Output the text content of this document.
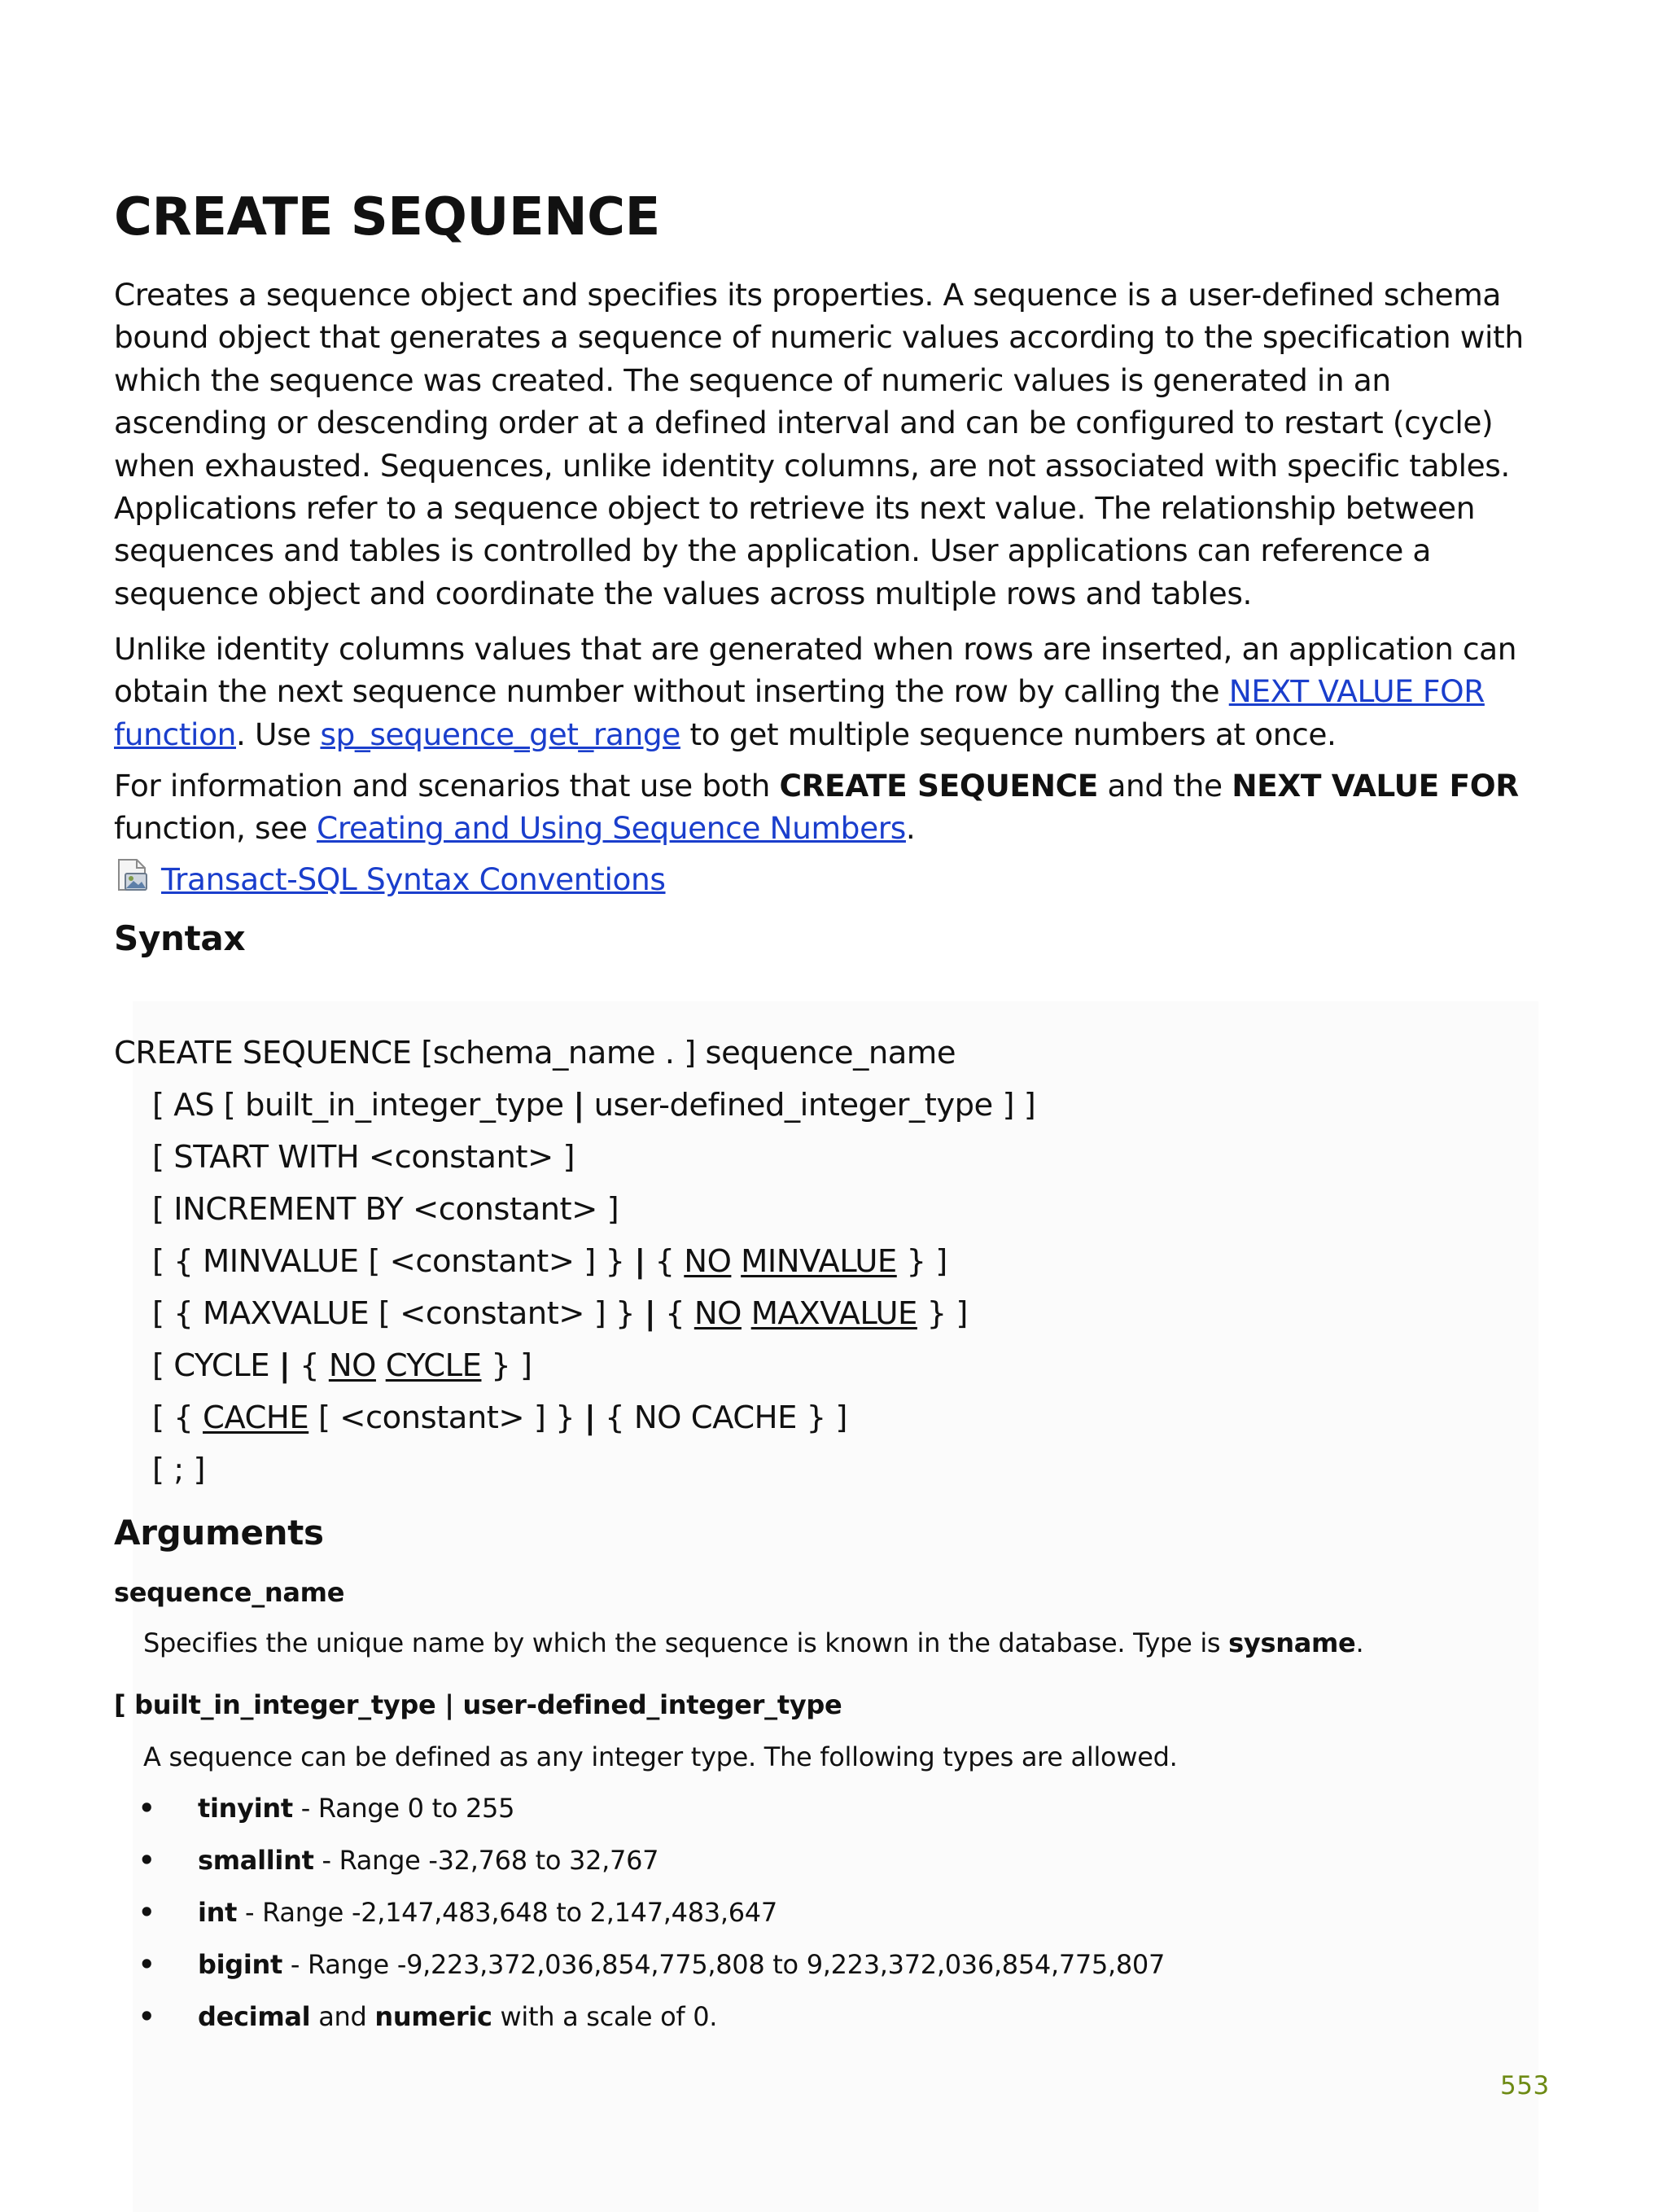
CREATE SEQUENCE

Creates a sequence object and specifies its properties. A sequence is a user-defined schema bound object that generates a sequence of numeric values according to the specification with which the sequence was created. The sequence of numeric values is generated in an ascending or descending order at a defined interval and can be configured to restart (cycle) when exhausted. Sequences, unlike identity columns, are not associated with specific tables. Applications refer to a sequence object to retrieve its next value. The relationship between sequences and tables is controlled by the application. User applications can reference a sequence object and coordinate the values across multiple rows and tables.

Unlike identity columns values that are generated when rows are inserted, an application can obtain the next sequence number without inserting the row by calling the NEXT VALUE FOR function. Use sp_sequence_get_range to get multiple sequence numbers at once.

For information and scenarios that use both CREATE SEQUENCE and the NEXT VALUE FOR function, see Creating and Using Sequence Numbers.

Transact-SQL Syntax Conventions
Syntax
CREATE SEQUENCE [schema_name . ] sequence_name
[ AS [ built_in_integer_type | user-defined_integer_type ] ]
[ START WITH <constant> ]
[ INCREMENT BY <constant> ]
[ { MINVALUE [ <constant> ] } | { NO MINVALUE } ]
[ { MAXVALUE [ <constant> ] } | { NO MAXVALUE } ]
[ CYCLE | { NO CYCLE } ]
[ { CACHE [ <constant> ] } | { NO CACHE } ]
[ ; ]
Arguments
sequence_name

Specifies the unique name by which the sequence is known in the database. Type is sysname.

[ built_in_integer_type | user-defined_integer_type

A sequence can be defined as any integer type. The following types are allowed.

• tinyint - Range 0 to 255

• smallint - Range -32,768 to 32,767

• int - Range -2,147,483,648 to 2,147,483,647

• bigint - Range -9,223,372,036,854,775,808 to 9,223,372,036,854,775,807

• decimal and numeric with a scale of 0.

553
